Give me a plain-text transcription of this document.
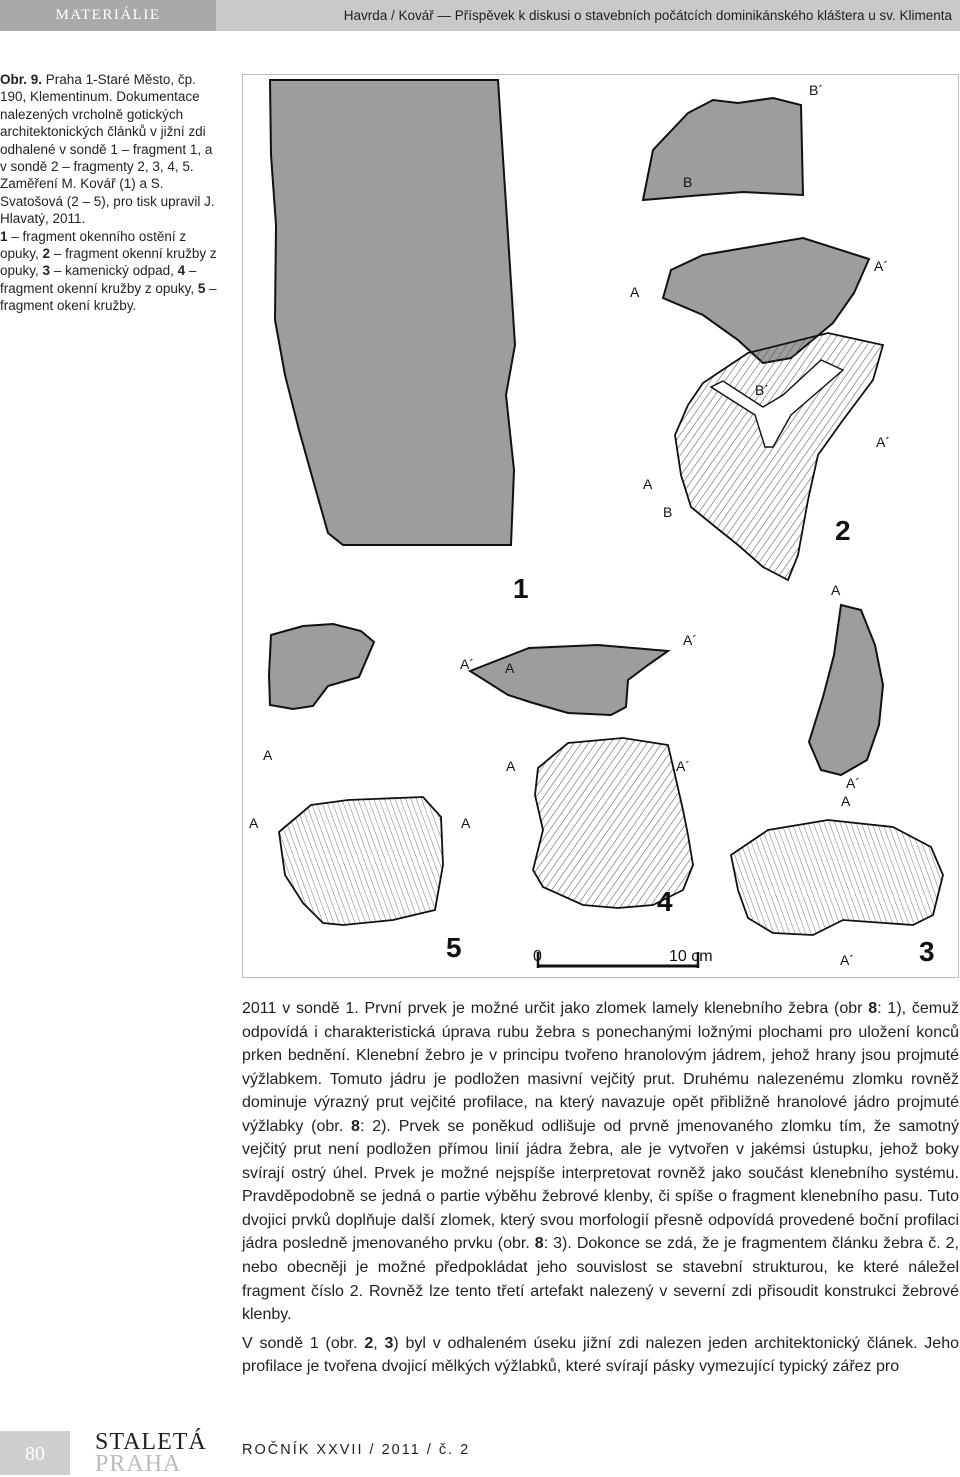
MATERIÁLIE	Havrda / Kovář — Příspěvek k diskusi o stavebních počátcích dominikánského kláštera u sv. Klimenta

Obr. 9. Praha 1-Staré Město, čp. 190, Klementinum. Dokumentace nalezených vrcholně gotických architektonických článků v jižní zdi odhalené v sondě 1 – fragment 1, a v sondě 2 – fragmenty 2, 3, 4, 5. Zaměření M. Kovář (1) a S. Svatošová (2 – 5), pro tisk upravil J. Hlavatý, 2011.

1 – fragment okenního ostění z opuky, 2 – fragment okenní kružby z opuky, 3 – kamenický odpad, 4 – fragment okenní kružby z opuky, 5 – fragment okení kružby.

1
2
3
4
5
B´
B
A´
A
B´
A´
A
B
A
A´
A´ A
A
A	A´
A´
A
A	A
A´
0	10 cm

2011 v sondě 1. První prvek je možné určit jako zlomek lamely klenebního žebra (obr 8: 1), čemuž odpovídá i charakteristická úprava rubu žebra s ponechanými ložnými plochami pro uložení konců prken bednění. Klenební žebro je v principu tvořeno hranolovým jádrem, jehož hrany jsou projmuté výžlabkem. Tomuto jádru je podložen masivní vejčitý prut. Druhému nalezenému zlomku rovněž dominuje výrazný prut vejčité profilace, na který navazuje opět přibližně hranolové jádro projmuté výžlabky (obr. 8: 2). Prvek se poněkud odlišuje od prvně jmenovaného zlomku tím, že samotný vejčitý prut není podložen přímou linií jádra žebra, ale je vytvořen v jakémsi ústupku, jehož boky svírají ostrý úhel. Prvek je možné nejspíše interpretovat rovněž jako součást klenebního systému. Pravděpodobně se jedná o partie výběhu žebrové klenby, či spíše o fragment klenebního pasu. Tuto dvojici prvků doplňuje další zlomek, který svou morfologií přesně odpovídá provedené boční profilaci jádra posledně jmenovaného prvku (obr. 8: 3). Dokonce se zdá, že je fragmentem článku žebra č. 2, nebo obecněji je možné předpokládat jeho souvislost se stavební strukturou, ke které náležel fragment číslo 2. Rovněž lze tento třetí artefakt nalezený v severní zdi přisoudit konstrukci žebrové klenby.

V sondě 1 (obr. 2, 3) byl v odhaleném úseku jižní zdi nalezen jeden architektonický článek. Jeho profilace je tvořena dvojicí mělkých výžlabků, které svírají pásky vymezující typický zářez pro

80	STALETÁ
PRAHA
ROČNÍK XXVII / 2011 / č. 2
